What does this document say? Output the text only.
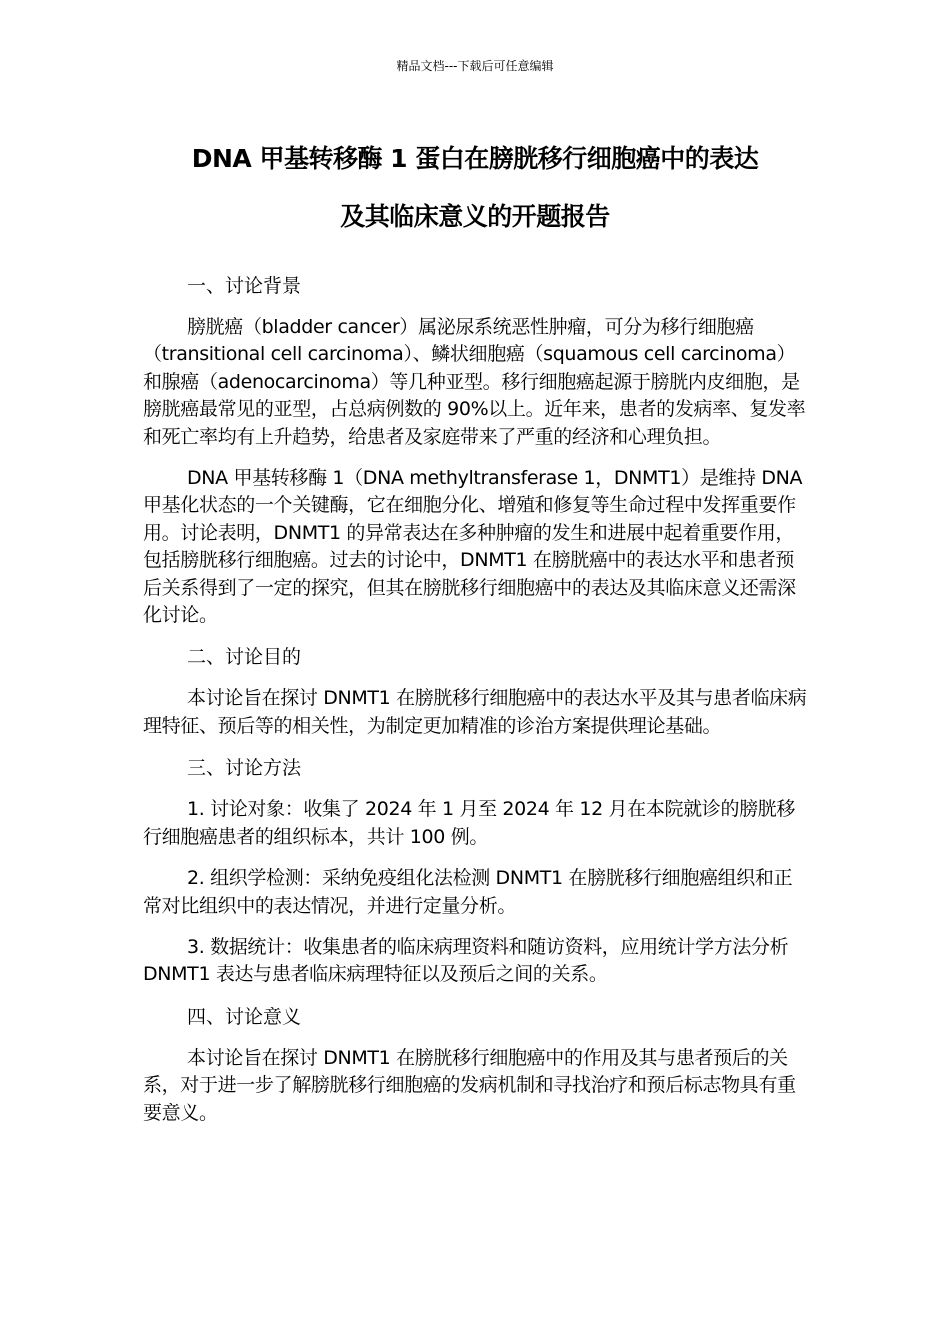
精品文档---下载后可任意编辑
DNA 甲基转移酶 1 蛋白在膀胱移行细胞癌中的表达
及其临床意义的开题报告

一、讨论背景

膀胱癌（bladder cancer）属泌尿系统恶性肿瘤，可分为移行细胞癌（transitional cell carcinoma）、鳞状细胞癌（squamous cell carcinoma）和腺癌（adenocarcinoma）等几种亚型。移行细胞癌起源于膀胱内皮细胞，是膀胱癌最常见的亚型，占总病例数的 90%以上。近年来，患者的发病率、复发率和死亡率均有上升趋势，给患者及家庭带来了严重的经济和心理负担。

DNA 甲基转移酶 1（DNA methyltransferase 1，DNMT1）是维持 DNA 甲基化状态的一个关键酶，它在细胞分化、增殖和修复等生命过程中发挥重要作用。讨论表明，DNMT1 的异常表达在多种肿瘤的发生和进展中起着重要作用，包括膀胱移行细胞癌。过去的讨论中，DNMT1 在膀胱癌中的表达水平和患者预后关系得到了一定的探究，但其在膀胱移行细胞癌中的表达及其临床意义还需深化讨论。

二、讨论目的

本讨论旨在探讨 DNMT1 在膀胱移行细胞癌中的表达水平及其与患者临床病理特征、预后等的相关性，为制定更加精准的诊治方案提供理论基础。

三、讨论方法

1. 讨论对象：收集了 2024 年 1 月至 2024 年 12 月在本院就诊的膀胱移行细胞癌患者的组织标本，共计 100 例。

2. 组织学检测：采纳免疫组化法检测 DNMT1 在膀胱移行细胞癌组织和正常对比组织中的表达情况，并进行定量分析。

3. 数据统计：收集患者的临床病理资料和随访资料，应用统计学方法分析 DNMT1 表达与患者临床病理特征以及预后之间的关系。

四、讨论意义

本讨论旨在探讨 DNMT1 在膀胱移行细胞癌中的作用及其与患者预后的关系，对于进一步了解膀胱移行细胞癌的发病机制和寻找治疗和预后标志物具有重要意义。
